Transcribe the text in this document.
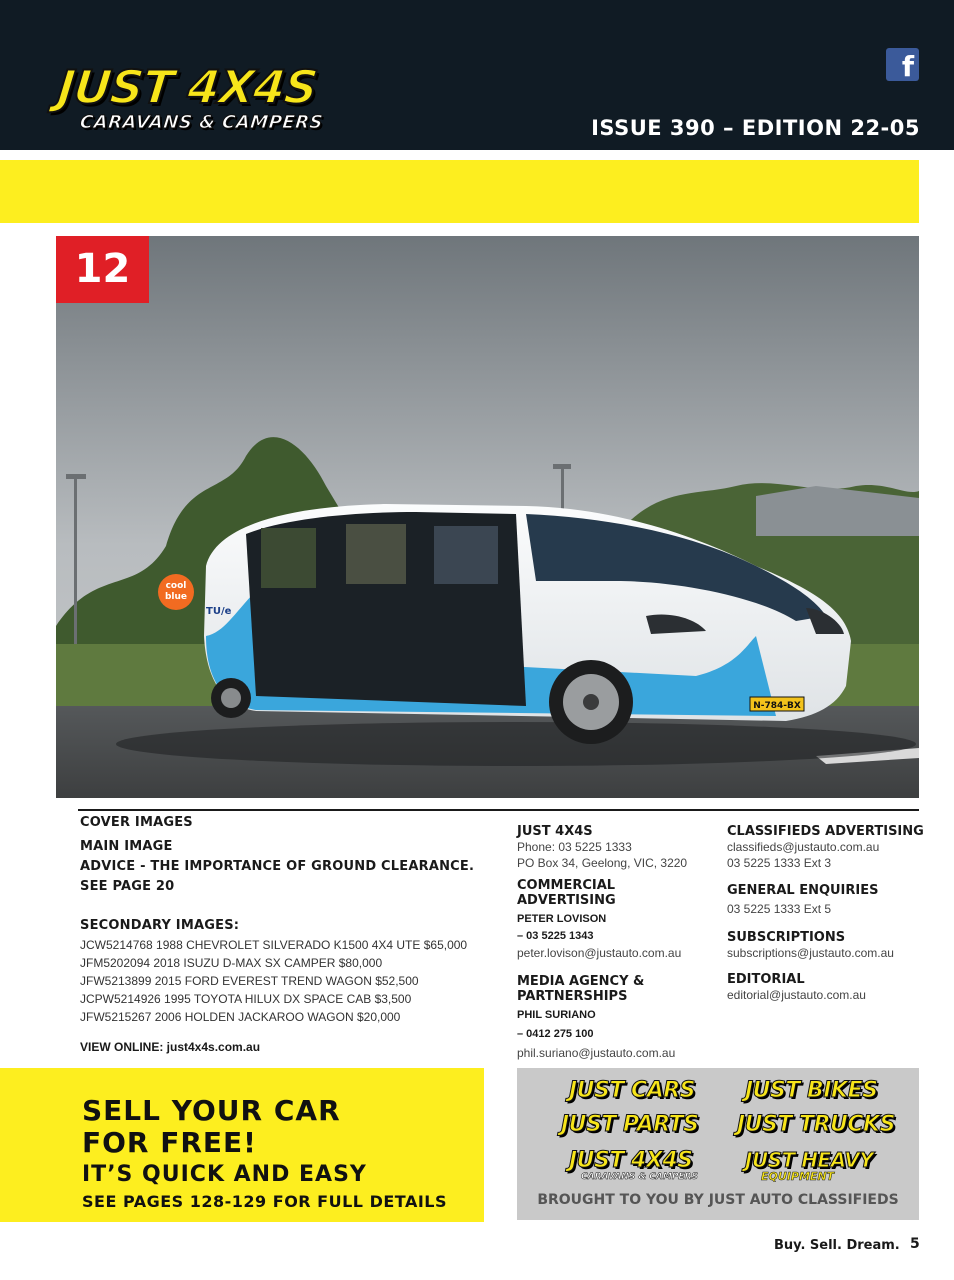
JUST 4X4S
CARAVANS & CAMPERS
f
ISSUE 390 – EDITION 22-05
N-784-BX
cool
blue
TU/e
12
COVER IMAGES
MAIN IMAGE
ADVICE - THE IMPORTANCE OF GROUND CLEARANCE.
SEE PAGE 20
SECONDARY IMAGES:
JCW5214768 1988 CHEVROLET SILVERADO K1500 4X4 UTE $65,000
JFM5202094 2018 ISUZU D-MAX SX CAMPER $80,000
JFW5213899 2015 FORD EVEREST TREND WAGON $52,500
JCPW5214926 1995 TOYOTA HILUX DX SPACE CAB $3,500
JFW5215267 2006 HOLDEN JACKAROO WAGON $20,000
VIEW ONLINE: just4x4s.com.au
JUST 4X4S
Phone: 03 5225 1333
PO Box 34, Geelong, VIC, 3220
COMMERCIAL ADVERTISING
PETER LOVISON
– 03 5225 1343
peter.lovison@justauto.com.au
MEDIA AGENCY &
PARTNERSHIPS
PHIL SURIANO
– 0412 275 100
phil.suriano@justauto.com.au
CLASSIFIEDS ADVERTISING
classifieds@justauto.com.au
03 5225 1333 Ext 3
GENERAL ENQUIRIES
03 5225 1333 Ext 5
SUBSCRIPTIONS
subscriptions@justauto.com.au
EDITORIAL
editorial@justauto.com.au
SELL YOUR CAR
FOR FREE!
IT’S QUICK AND EASY
SEE PAGES 128-129 FOR FULL DETAILS
JUST CARS JUST BIKES
JUST PARTS JUST TRUCKS
JUST 4X4S
CARAVANS & CAMPERS
JUST HEAVY
EQUIPMENT
BROUGHT TO YOU BY JUST AUTO CLASSIFIEDS
Buy. Sell. Dream. 5
